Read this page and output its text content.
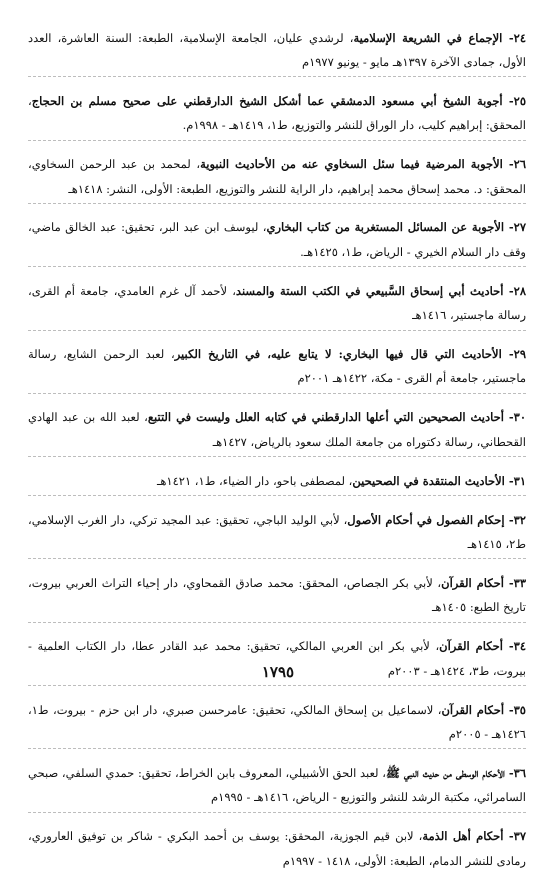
٢٤- الإجماع في الشريعة الإسلامية، لرشدي عليان، الجامعة الإسلامية، الطبعة: السنة العاشرة، العدد الأول، جمادى الآخرة ١٣٩٧هـ مايو - يونيو ١٩٧٧م

٢٥- أجوبة الشيخ أبي مسعود الدمشقي عما أشكل الشيخ الدارقطني على صحيح مسلم بن الحجاج، المحقق: إبراهيم كليب، دار الوراق للنشر والتوزيع، ط١، ١٤١٩هـ - ١٩٩٨م.

٢٦- الأجوبة المرضية فيما سئل السخاوي عنه من الأحاديث النبوية، لمحمد بن عبد الرحمن السخاوي، المحقق: د. محمد إسحاق محمد إبراهيم، دار الراية للنشر والتوزيع، الطبعة: الأولى، النشر: ١٤١٨هـ

٢٧- الأجوبة عن المسائل المستغربة من كتاب البخاري، ليوسف ابن عبد البر، تحقيق: عبد الخالق ماضي، وقف دار السلام الخيري - الرياض، ط١، ١٤٢٥هـ.

٢٨- أحاديث أبي إسحاق السَّبيعي في الكتب الستة والمسند، لأحمد آل غرم العامدي، جامعة أم القرى، رسالة ماجستير، ١٤١٦هـ

٢٩- الأحاديث التي قال فيها البخاري: لا يتابع عليه، في التاريخ الكبير، لعبد الرحمن الشايع، رسالة ماجستير، جامعة أم القرى - مكة، ١٤٢٢هـ ٢٠٠١م

٣٠- أحاديث الصحيحين التي أعلها الدارقطني في كتابه العلل وليست في التتبع، لعبد الله بن عبد الهادي القحطاني، رسالة دكتوراه من جامعة الملك سعود بالرياض، ١٤٢٧هـ

٣١- الأحاديث المنتقدة في الصحيحين، لمصطفى باحو، دار الضياء، ط١، ١٤٢١هـ

٣٢- إحكام الفصول في أحكام الأصول، لأبي الوليد الباجي، تحقيق: عبد المجيد تركي، دار الغرب الإسلامي، ط٢، ١٤١٥هـ

٣٣- أحكام القرآن، لأبي بكر الجصاص، المحقق: محمد صادق القمحاوي، دار إحياء التراث العربي بيروت، تاريخ الطبع: ١٤٠٥هـ

٣٤- أحكام القرآن، لأبي بكر ابن العربي المالكي، تحقيق: محمد عبد القادر عطا، دار الكتاب العلمية - بيروت، ط٣، ١٤٢٤هـ - ٢٠٠٣م

٣٥- أحكام القرآن، لاسماعيل بن إسحاق المالكي، تحقيق: عامرحسن صبري، دار ابن حزم - بيروت، ط١، ١٤٢٦هـ - ٢٠٠٥م

٣٦- الأحكام الوسطى من حديث النبي ﷺ، لعبد الحق الأشبيلي، المعروف بابن الخراط، تحقيق: حمدي السلفي، صبحي السامرائي، مكتبة الرشد للنشر والتوزيع - الرياض، ١٤١٦هـ - ١٩٩٥م

٣٧- أحكام أهل الذمة، لابن قيم الجوزية، المحقق: يوسف بن أحمد البكري - شاكر بن توفيق العاروري، رمادى للنشر الدمام، الطبعة: الأولى، ١٤١٨ - ١٩٩٧م

١٧٩٥
